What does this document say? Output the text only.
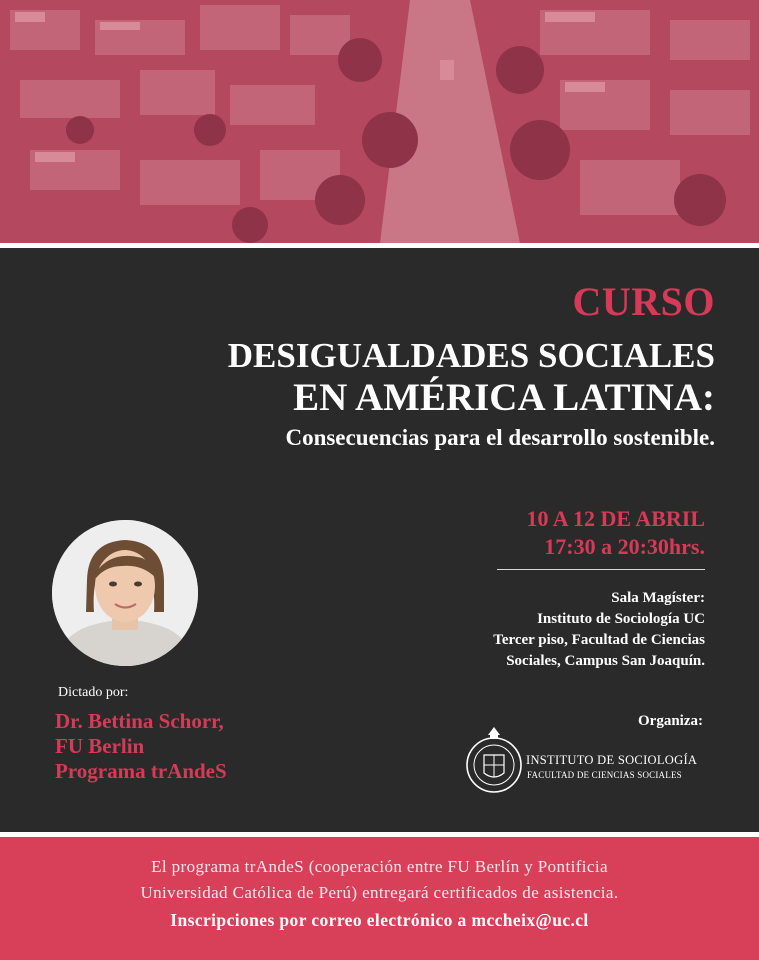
CURSO
DESIGUALDADES SOCIALES
EN AMÉRICA LATINA:
Consecuencias para el desarrollo sostenible.
10 A 12 DE ABRIL
17:30 a 20:30hrs.
Sala Magíster:
Instituto de Sociología UC
Tercer piso, Facultad de Ciencias
Sociales, Campus San Joaquín.
Organiza:
INSTITUTO DE SOCIOLOGÍA
FACULTAD DE CIENCIAS SOCIALES
Dictado por:
Dr. Bettina Schorr,
FU Berlin
Programa trAndeS
El programa trAndeS (cooperación entre FU Berlín y Pontificia
Universidad Católica de Perú) entregará certificados de asistencia.
Inscripciones por correo electrónico a mccheix@uc.cl
